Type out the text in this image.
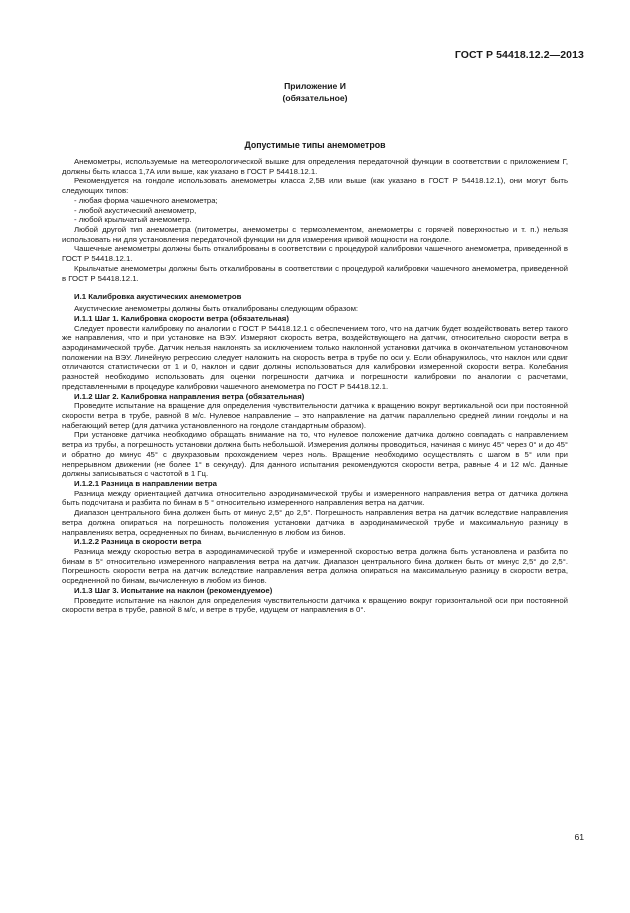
ГОСТ Р 54418.12.2—2013
Приложение И
(обязательное)
Допустимые типы анемометров

Анемометры, используемые на метеорологической вышке для определения передаточной функции в соответствии с приложением Г, должны быть класса 1,7А или выше, как указано в ГОСТ Р 54418.12.1.

Рекомендуется на гондоле использовать анемометры класса 2,5В или выше (как указано в ГОСТ Р 54418.12.1), они могут быть следующих типов:

- любая форма чашечного анемометра;

- любой акустический анемометр,

- любой крыльчатый анемометр.

Любой другой тип анемометра (питометры, анемометры с термоэлементом, анемометры с горячей поверхностью и т. п.) нельзя использовать ни для установления передаточной функции ни для измерения кривой мощности на гондоле.

Чашечные анемометры должны быть откалиброваны в соответствии с процедурой калибровки чашечного анемометра, приведенной в ГОСТ Р 54418.12.1.

Крыльчатые анемометры должны быть откалиброваны в соответствии с процедурой калибровки чашечного анемометра, приведенной в ГОСТ Р 54418.12.1.

И.1 Калибровка акустических анемометров

Акустические анемометры должны быть откалиброваны следующим образом:

И.1.1 Шаг 1. Калибровка скорости ветра (обязательная)

Следует провести калибровку по аналогии с ГОСТ Р 54418.12.1 с обеспечением того, что на датчик будет воздействовать ветер такого же направления, что и при установке на ВЭУ. Измеряют скорость ветра, воздействующего на датчик, относительно скорости ветра в аэродинамической трубе. Датчик нельзя наклонять за исключением только наклонной установки датчика в окончательном установочном положении на ВЭУ. Линейную регрессию следует наложить на скорость ветра в трубе по оси у. Если обнаружилось, что наклон или сдвиг отличаются статистически от 1 и 0, наклон и сдвиг должны использоваться для калибровки измеренной скорости ветра. Колебания разностей необходимо использовать для оценки погрешности датчика и погрешности калибровки по аналогии с расчетами, представленными в процедуре калибровки чашечного анемометра по ГОСТ Р 54418.12.1.

И.1.2 Шаг 2. Калибровка направления ветра (обязательная)

Проведите испытание на вращение для определения чувствительности датчика к вращению вокруг вертикальной оси при постоянной скорости ветра в трубе, равной 8 м/с. Нулевое направление – это направление на датчик параллельно средней линии гондолы и на набегающий ветер (для датчика установленного на гондоле стандартным образом).

При установке датчика необходимо обращать внимание на то, что нулевое положение датчика должно совпадать с направлением ветра из трубы, а погрешность установки должна быть небольшой. Измерения должны проводиться, начиная с минус 45° через 0° и до 45° и обратно до минус 45° с двухразовым прохождением через ноль. Вращение необходимо осуществлять с шагом в 5° или при непрерывном движении (не более 1° в секунду). Для данного испытания рекомендуются скорости ветра, равные 4 и 12 м/с. Данные должны записываться с частотой в 1 Гц.

И.1.2.1 Разница в направлении ветра

Разница между ориентацией датчика относительно аэродинамической трубы и измеренного направления ветра от датчика должна быть подсчитана и разбита по бинам в 5 ° относительно измеренного направления ветра на датчик.

Диапазон центрального бина должен быть от минус 2,5° до 2,5°. Погрешность направления ветра на датчик вследствие направления ветра должна опираться на погрешность положения установки датчика в аэродинамической трубе и максимальную разницу в направлениях ветра, осредненных по бинам, вычисленную в любом из бинов.

И.1.2.2 Разница в скорости ветра

Разница между скоростью ветра в аэродинамической трубе и измеренной скоростью ветра должна быть установлена и разбита по бинам в 5° относительно измеренного направления ветра на датчик. Диапазон центрального бина должен быть от минус 2,5° до 2,5°. Погрешность скорости ветра на датчик вследствие направления ветра должна опираться на максимальную разницу в скорости ветра, осредненной по бинам, вычисленную в любом из бинов.

И.1.3 Шаг 3. Испытание на наклон (рекомендуемое)

Проведите испытание на наклон для определения чувствительности датчика к вращению вокруг горизонтальной оси при постоянной скорости ветра в трубе, равной 8 м/с, и ветре в трубе, идущем от направления в 0°.

61
